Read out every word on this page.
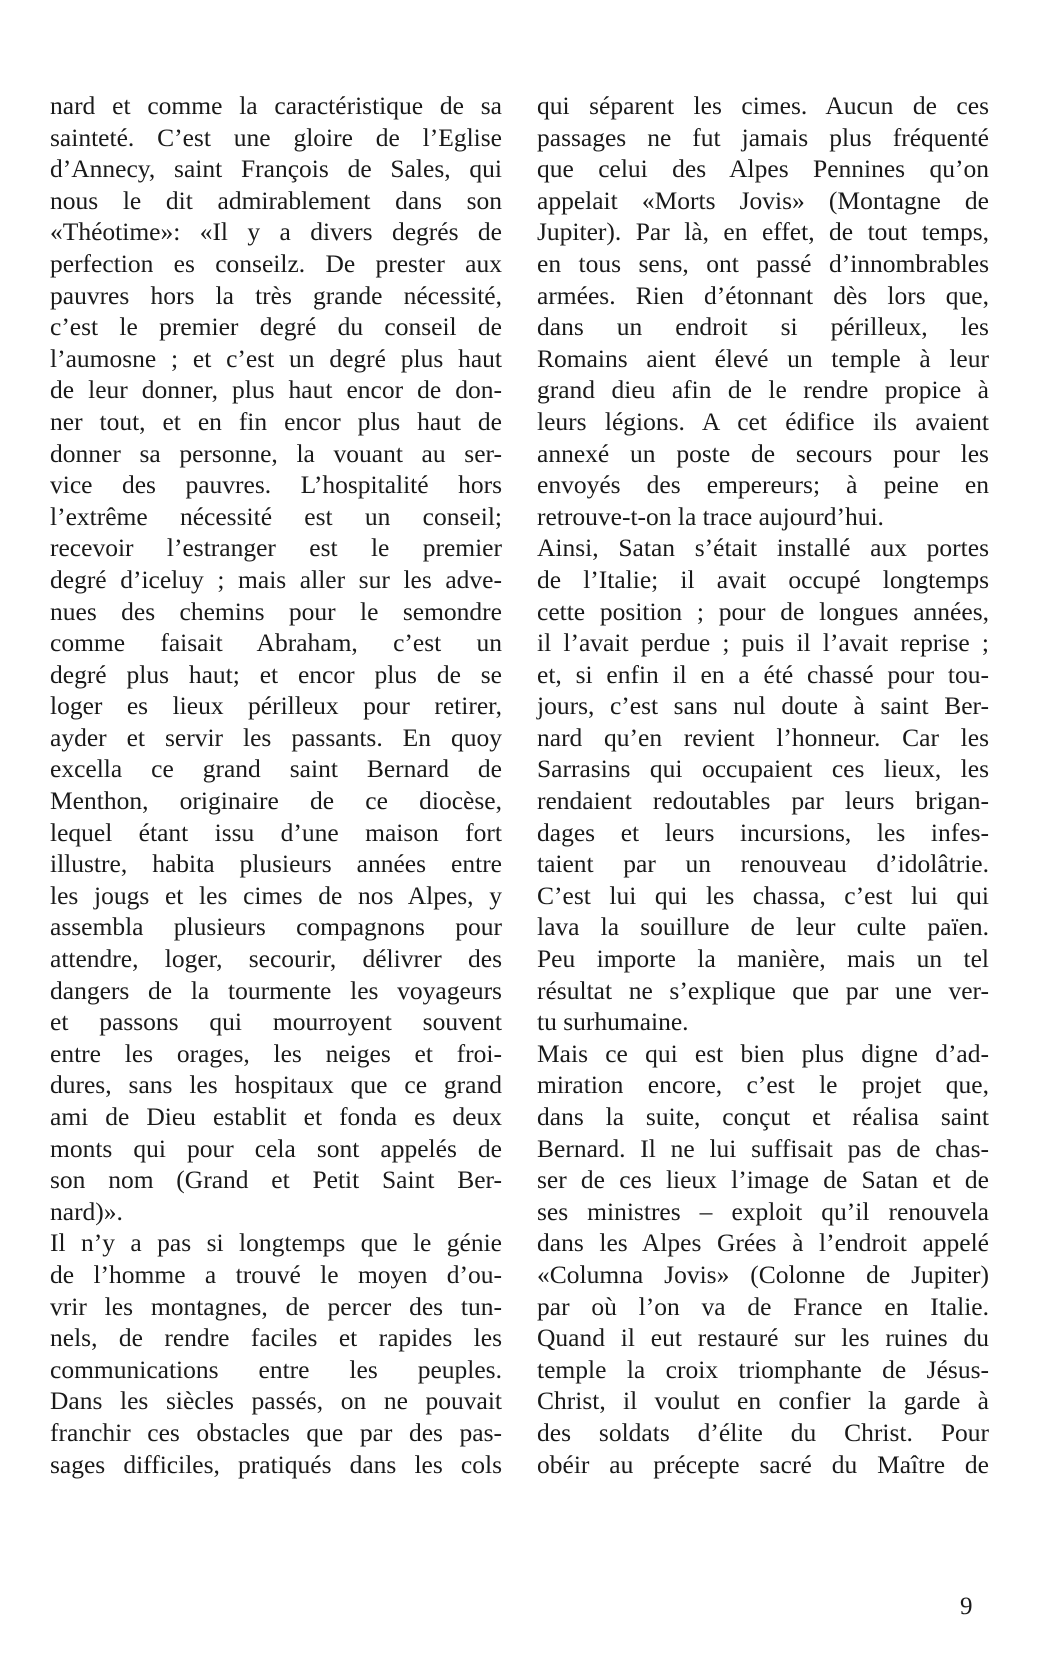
nard et comme la caractéristique de sa
sainteté. C’est une gloire de l’Eglise
d’Annecy, saint François de Sales, qui
nous le dit admirablement dans son
«Théotime»: «Il y a divers degrés de
perfection es conseilz. De prester aux
pauvres hors la très grande nécessité,
c’est le premier degré du conseil de
l’aumosne ; et c’est un degré plus haut
de leur donner, plus haut encor de don-
ner tout, et en fin encor plus haut de
donner sa personne, la vouant au ser-
vice des pauvres. L’hospitalité hors
l’extrême nécessité est un conseil;
recevoir l’estranger est le premier
degré d’iceluy ; mais aller sur les adve-
nues des chemins pour le semondre
comme faisait Abraham, c’est un
degré plus haut; et encor plus de se
loger es lieux périlleux pour retirer,
ayder et servir les passants. En quoy
excella ce grand saint Bernard de
Menthon, originaire de ce diocèse,
lequel étant issu d’une maison fort
illustre, habita plusieurs années entre
les jougs et les cimes de nos Alpes, y
assembla plusieurs compagnons pour
attendre, loger, secourir, délivrer des
dangers de la tourmente les voyageurs
et passons qui mourroyent souvent
entre les orages, les neiges et froi-
dures, sans les hospitaux que ce grand
ami de Dieu establit et fonda es deux
monts qui pour cela sont appelés de
son nom (Grand et Petit Saint Ber-
nard)».
Il n’y a pas si longtemps que le génie
de l’homme a trouvé le moyen d’ou-
vrir les montagnes, de percer des tun-
nels, de rendre faciles et rapides les
communications entre les peuples.
Dans les siècles passés, on ne pouvait
franchir ces obstacles que par des pas-
sages difficiles, pratiqués dans les cols
qui séparent les cimes. Aucun de ces
passages ne fut jamais plus fréquenté
que celui des Alpes Pennines qu’on
appelait «Morts Jovis» (Montagne de
Jupiter). Par là, en effet, de tout temps,
en tous sens, ont passé d’innombrables
armées. Rien d’étonnant dès lors que,
dans un endroit si périlleux, les
Romains aient élevé un temple à leur
grand dieu afin de le rendre propice à
leurs légions. A cet édifice ils avaient
annexé un poste de secours pour les
envoyés des empereurs; à peine en
retrouve-t-on la trace aujourd’hui.
Ainsi, Satan s’était installé aux portes
de l’Italie; il avait occupé longtemps
cette position ; pour de longues années,
il l’avait perdue ; puis il l’avait reprise ;
et, si enfin il en a été chassé pour tou-
jours, c’est sans nul doute à saint Ber-
nard qu’en revient l’honneur. Car les
Sarrasins qui occupaient ces lieux, les
rendaient redoutables par leurs brigan-
dages et leurs incursions, les infes-
taient par un renouveau d’idolâtrie.
C’est lui qui les chassa, c’est lui qui
lava la souillure de leur culte païen.
Peu importe la manière, mais un tel
résultat ne s’explique que par une ver-
tu surhumaine.
Mais ce qui est bien plus digne d’ad-
miration encore, c’est le projet que,
dans la suite, conçut et réalisa saint
Bernard. Il ne lui suffisait pas de chas-
ser de ces lieux l’image de Satan et de
ses ministres – exploit qu’il renouvela
dans les Alpes Grées à l’endroit appelé
«Columna Jovis» (Colonne de Jupiter)
par où l’on va de France en Italie.
Quand il eut restauré sur les ruines du
temple la croix triomphante de Jésus-
Christ, il voulut en confier la garde à
des soldats d’élite du Christ. Pour
obéir au précepte sacré du Maître de
9
